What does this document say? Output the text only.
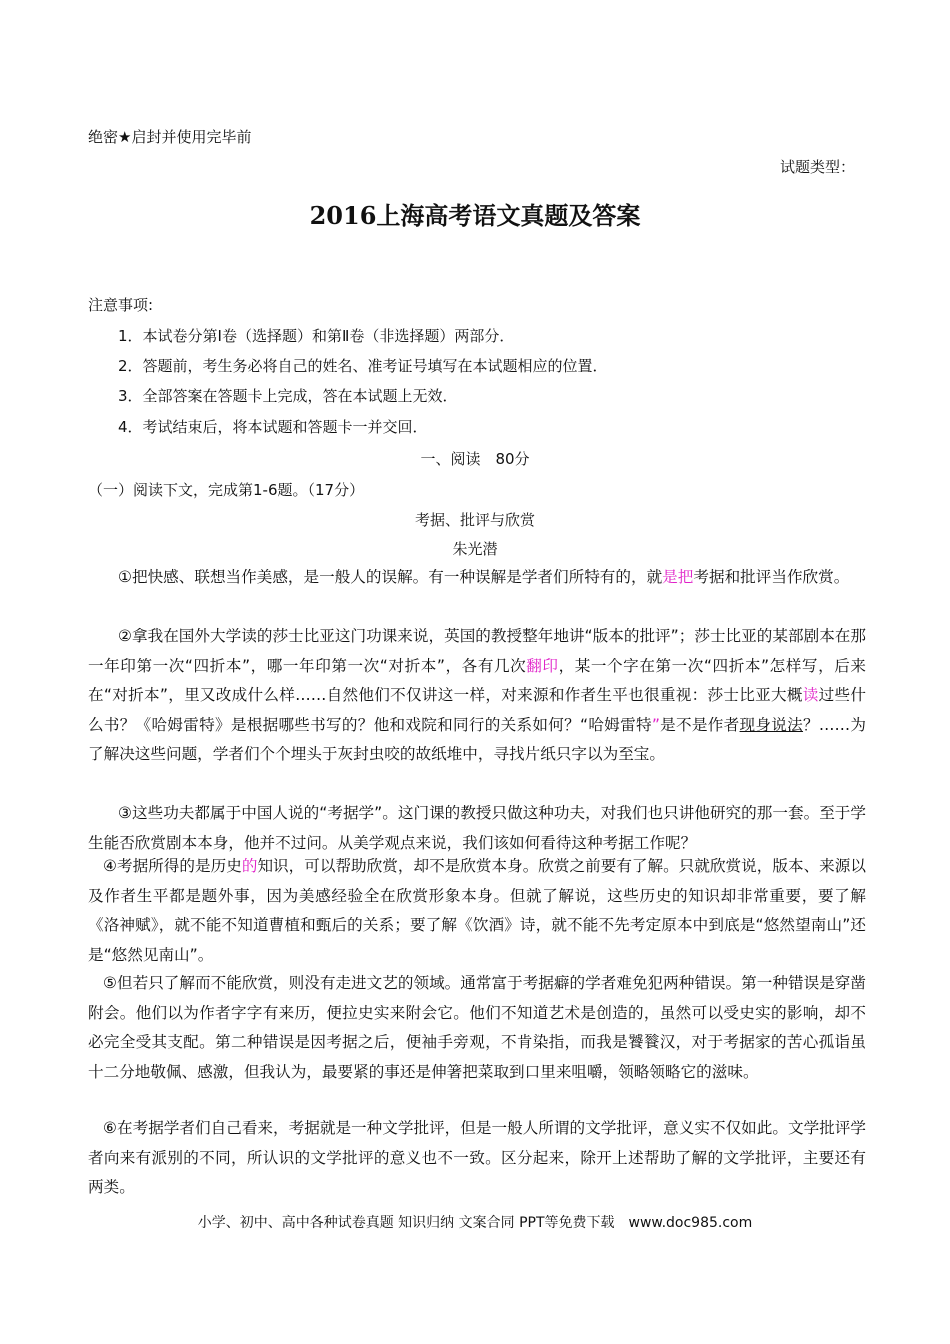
绝密★启封并使用完毕前
试题类型：
2016上海高考语文真题及答案
注意事项:
1．本试卷分第Ⅰ卷（选择题）和第Ⅱ卷（非选择题）两部分．
2．答题前，考生务必将自己的姓名、准考证号填写在本试题相应的位置．
3．全部答案在答题卡上完成，答在本试题上无效．
4．考试结束后，将本试题和答题卡一并交回．
一、阅读　80分
（一）阅读下文，完成第1-6题。（17分）
考据、批评与欣赏
朱光潜
①把快感、联想当作美感，是一般人的误解。有一种误解是学者们所特有的，就是把考据和批评当作欣赏。
②拿我在国外大学读的莎士比亚这门功课来说，英国的教授整年地讲“版本的批评”；莎士比亚的某部剧本在那一年印第一次“四折本”，哪一年印第一次“对折本”，各有几次翻印，某一个字在第一次“四折本”怎样写，后来在“对折本”，里又改成什么样……自然他们不仅讲这一样，对来源和作者生平也很重视：莎士比亚大概读过些什么书？《哈姆雷特》是根据哪些书写的？他和戏院和同行的关系如何？“哈姆雷特”是不是作者现身说法？……为了解决这些问题，学者们个个埋头于灰封虫咬的故纸堆中，寻找片纸只字以为至宝。
③这些功夫都属于中国人说的“考据学”。这门课的教授只做这种功夫，对我们也只讲他研究的那一套。至于学生能否欣赏剧本本身，他并不过问。从美学观点来说，我们该如何看待这种考据工作呢？
④考据所得的是历史的知识，可以帮助欣赏，却不是欣赏本身。欣赏之前要有了解。只就欣赏说，版本、来源以及作者生平都是题外事，因为美感经验全在欣赏形象本身。但就了解说，这些历史的知识却非常重要，要了解《洛神赋》，就不能不知道曹植和甄后的关系；要了解《饮酒》诗，就不能不先考定原本中到底是“悠然望南山”还是“悠然见南山”。
⑤但若只了解而不能欣赏，则没有走进文艺的领域。通常富于考据癖的学者难免犯两种错误。第一种错误是穿凿附会。他们以为作者字字有来历，便拉史实来附会它。他们不知道艺术是创造的，虽然可以受史实的影响，却不必完全受其支配。第二种错误是因考据之后，便袖手旁观，不肯染指，而我是饕餮汉，对于考据家的苦心孤诣虽十二分地敬佩、感激，但我认为，最要紧的事还是伸箸把菜取到口里来咀嚼，领略领略它的滋味。
⑥在考据学者们自己看来，考据就是一种文学批评，但是一般人所谓的文学批评，意义实不仅如此。文学批评学者向来有派别的不同，所认识的文学批评的意义也不一致。区分起来，除开上述帮助了解的文学批评，主要还有两类。
小学、初中、高中各种试卷真题 知识归纳 文案合同 PPT等免费下载　www.doc985.com
